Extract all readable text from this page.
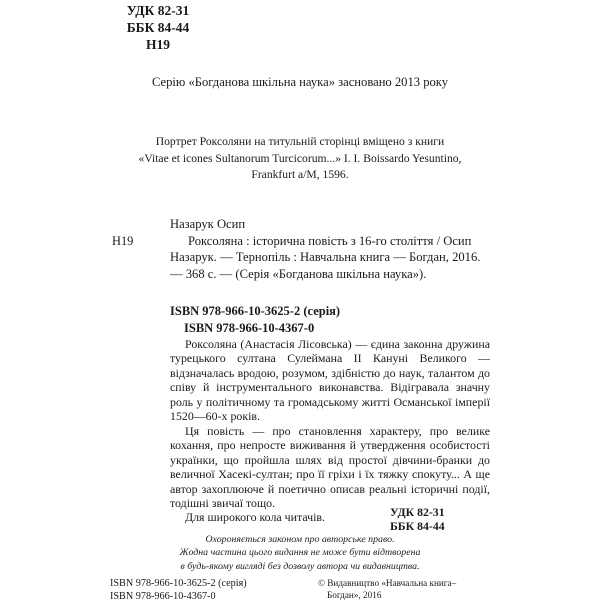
УДК 82-31
ББК 84-44
Н19
Серію «Богданова шкільна наука» засновано 2013 року
Портрет Роксоляни на титульній сторінці вміщено з книги
«Vitae et icones Sultanorum Turcicorum...» I. I. Boissardo Yesuntino,
Frankfurt a/M, 1596.
Н19
Назарук Осип
Роксоляна : історична повість з 16-го століття / Осип Назарук. — Тернопіль : Навчальна книга — Богдан, 2016. — 368 с. — (Серія «Богданова шкільна наука»).
ISBN 978-966-10-3625-2 (серія)
ISBN 978-966-10-4367-0

Роксоляна (Анастасія Лісовська) — єдина законна дружина турецького султана Сулеймана II Кануні Великого — відзначалась вродою, розумом, здібністю до наук, талантом до співу й інструментального виконавства. Відігравала значну роль у політичному та громадському житті Османської імперії 1520—60-х років.

Ця повість — про становлення характеру, про велике кохання, про непросте виживання й утвердження особистості українки, що пройшла шлях від простої дівчини-бранки до величної Хасекі-султан; про її гріхи і їх тяжку спокуту... А ще автор захоплююче й поетично описав реальні історичні події, тодішні звичаї тощо.

Для широкого кола читачів.	УДК 82-31
ББК 84-44
Охороняється законом про авторське право.
Жодна частина цього видання не може бути відтворена
в будь-якому вигляді без дозволу автора чи видавництва.
ISBN 978-966-10-3625-2 (серія)
ISBN 978-966-10-4367-0
© Видавництво «Навчальна книга–
Богдан», 2016
